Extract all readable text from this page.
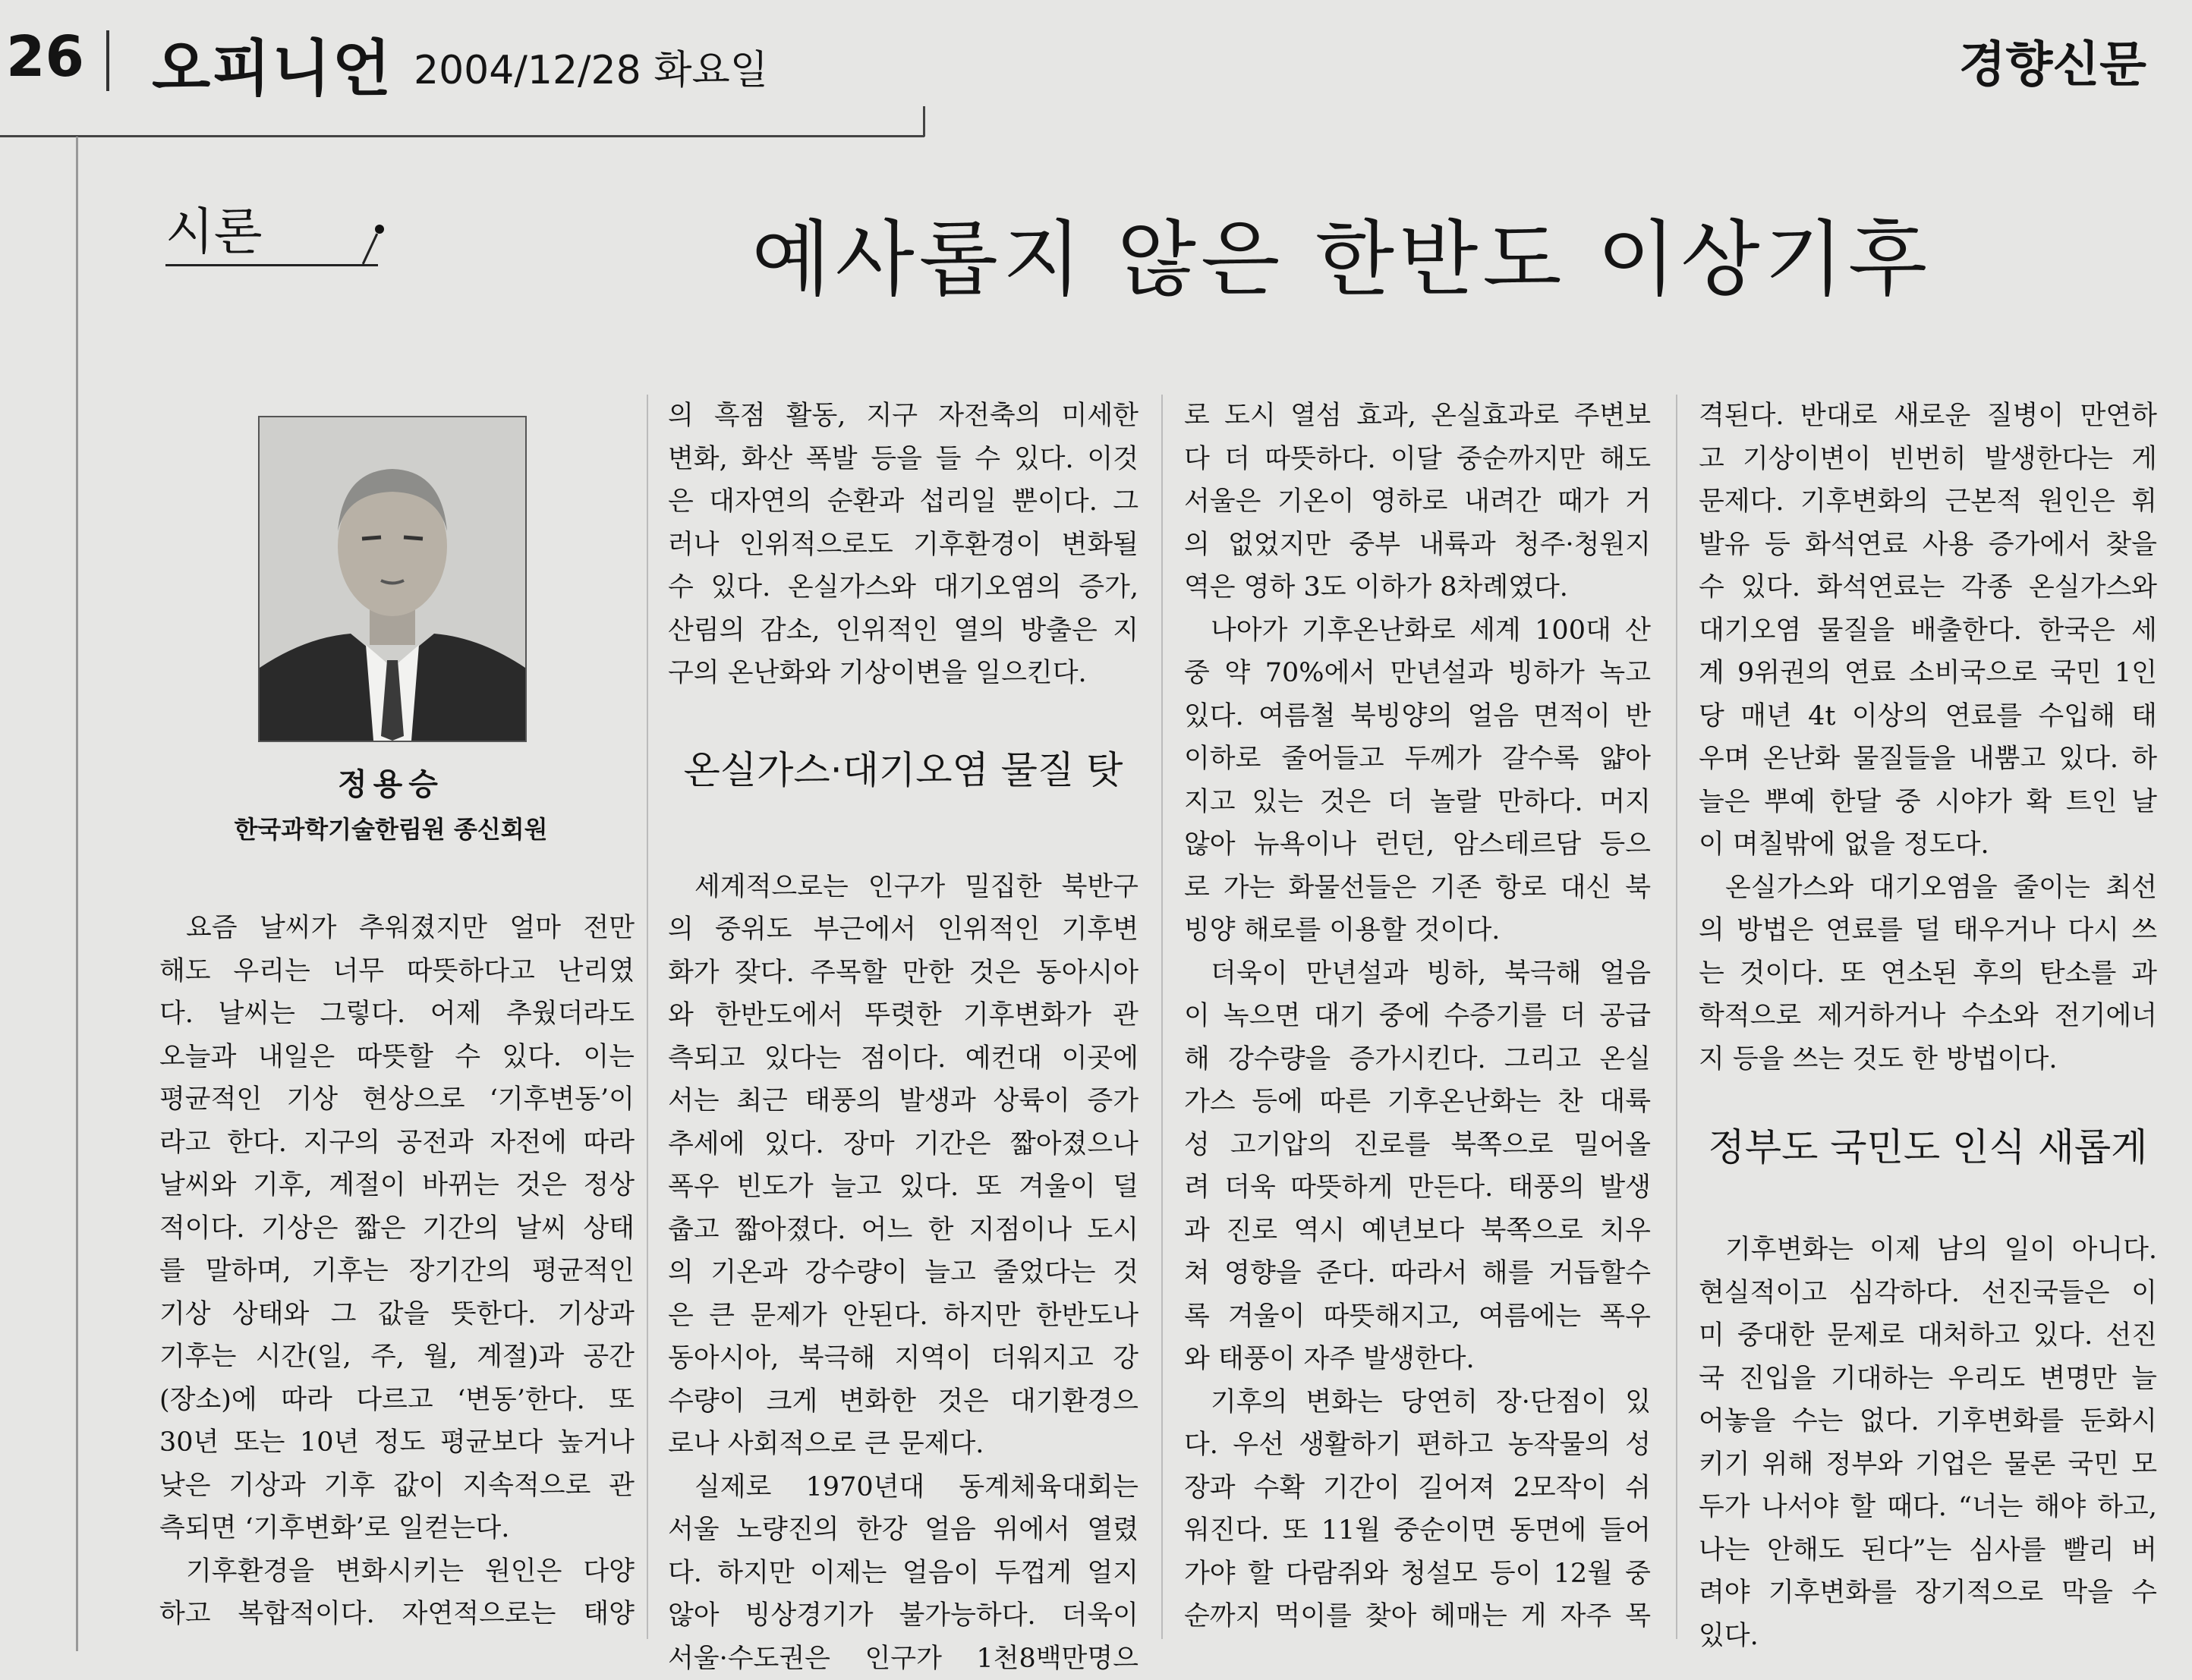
26 오피니언 2004/12/28 화요일	경향신문
시론	예사롭지 않은 한반도 이상기후
정용승
한국과학기술한림원 종신회원

요즘 날씨가 추워졌지만 얼마 전만

해도 우리는 너무 따뜻하다고 난리였

다. 날씨는 그렇다. 어제 추웠더라도

오늘과 내일은 따뜻할 수 있다. 이는

평균적인 기상 현상으로 ‘기후변동’이

라고 한다. 지구의 공전과 자전에 따라

날씨와 기후, 계절이 바뀌는 것은 정상

적이다. 기상은 짧은 기간의 날씨 상태

를 말하며, 기후는 장기간의 평균적인

기상 상태와 그 값을 뜻한다. 기상과

기후는 시간(일, 주, 월, 계절)과 공간

(장소)에 따라 다르고 ‘변동’한다. 또

30년 또는 10년 정도 평균보다 높거나

낮은 기상과 기후 값이 지속적으로 관

측되면 ‘기후변화’로 일컫는다.

기후환경을 변화시키는 원인은 다양

하고 복합적이다. 자연적으로는 태양

의 흑점 활동, 지구 자전축의 미세한

변화, 화산 폭발 등을 들 수 있다. 이것

은 대자연의 순환과 섭리일 뿐이다. 그

러나 인위적으로도 기후환경이 변화될

수 있다. 온실가스와 대기오염의 증가,

산림의 감소, 인위적인 열의 방출은 지

구의 온난화와 기상이변을 일으킨다.

세계적으로는 인구가 밀집한 북반구

의 중위도 부근에서 인위적인 기후변

화가 잦다. 주목할 만한 것은 동아시아

와 한반도에서 뚜렷한 기후변화가 관

측되고 있다는 점이다. 예컨대 이곳에

서는 최근 태풍의 발생과 상륙이 증가

추세에 있다. 장마 기간은 짧아졌으나

폭우 빈도가 늘고 있다. 또 겨울이 덜

춥고 짧아졌다. 어느 한 지점이나 도시

의 기온과 강수량이 늘고 줄었다는 것

은 큰 문제가 안된다. 하지만 한반도나

동아시아, 북극해 지역이 더워지고 강

수량이 크게 변화한 것은 대기환경으

로나 사회적으로 큰 문제다.

실제로 1970년대 동계체육대회는

서울 노량진의 한강 얼음 위에서 열렸

다. 하지만 이제는 얼음이 두껍게 얼지

않아 빙상경기가 불가능하다. 더욱이

서울·수도권은 인구가 1천8백만명으

온실가스·대기오염 물질 탓

로 도시 열섬 효과, 온실효과로 주변보

다 더 따뜻하다. 이달 중순까지만 해도

서울은 기온이 영하로 내려간 때가 거

의 없었지만 중부 내륙과 청주·청원지

역은 영하 3도 이하가 8차례였다.

나아가 기후온난화로 세계 100대 산

중 약 70%에서 만년설과 빙하가 녹고

있다. 여름철 북빙양의 얼음 면적이 반

이하로 줄어들고 두께가 갈수록 얇아

지고 있는 것은 더 놀랄 만하다. 머지

않아 뉴욕이나 런던, 암스테르담 등으

로 가는 화물선들은 기존 항로 대신 북

빙양 해로를 이용할 것이다.

더욱이 만년설과 빙하, 북극해 얼음

이 녹으면 대기 중에 수증기를 더 공급

해 강수량을 증가시킨다. 그리고 온실

가스 등에 따른 기후온난화는 찬 대륙

성 고기압의 진로를 북쪽으로 밀어올

려 더욱 따뜻하게 만든다. 태풍의 발생

과 진로 역시 예년보다 북쪽으로 치우

쳐 영향을 준다. 따라서 해를 거듭할수

록 겨울이 따뜻해지고, 여름에는 폭우

와 태풍이 자주 발생한다.

기후의 변화는 당연히 장·단점이 있

다. 우선 생활하기 편하고 농작물의 성

장과 수확 기간이 길어져 2모작이 쉬

워진다. 또 11월 중순이면 동면에 들어

가야 할 다람쥐와 청설모 등이 12월 중

순까지 먹이를 찾아 헤매는 게 자주 목

격된다. 반대로 새로운 질병이 만연하

고 기상이변이 빈번히 발생한다는 게

문제다. 기후변화의 근본적 원인은 휘

발유 등 화석연료 사용 증가에서 찾을

수 있다. 화석연료는 각종 온실가스와

대기오염 물질을 배출한다. 한국은 세

계 9위권의 연료 소비국으로 국민 1인

당 매년 4t 이상의 연료를 수입해 태

우며 온난화 물질들을 내뿜고 있다. 하

늘은 뿌예 한달 중 시야가 확 트인 날

이 며칠밖에 없을 정도다.

온실가스와 대기오염을 줄이는 최선

의 방법은 연료를 덜 태우거나 다시 쓰

는 것이다. 또 연소된 후의 탄소를 과

학적으로 제거하거나 수소와 전기에너

지 등을 쓰는 것도 한 방법이다.

기후변화는 이제 남의 일이 아니다.

현실적이고 심각하다. 선진국들은 이

미 중대한 문제로 대처하고 있다. 선진

국 진입을 기대하는 우리도 변명만 늘

어놓을 수는 없다. 기후변화를 둔화시

키기 위해 정부와 기업은 물론 국민 모

두가 나서야 할 때다. “너는 해야 하고,

나는 안해도 된다”는 심사를 빨리 버

려야 기후변화를 장기적으로 막을 수

있다.

정부도 국민도 인식 새롭게
